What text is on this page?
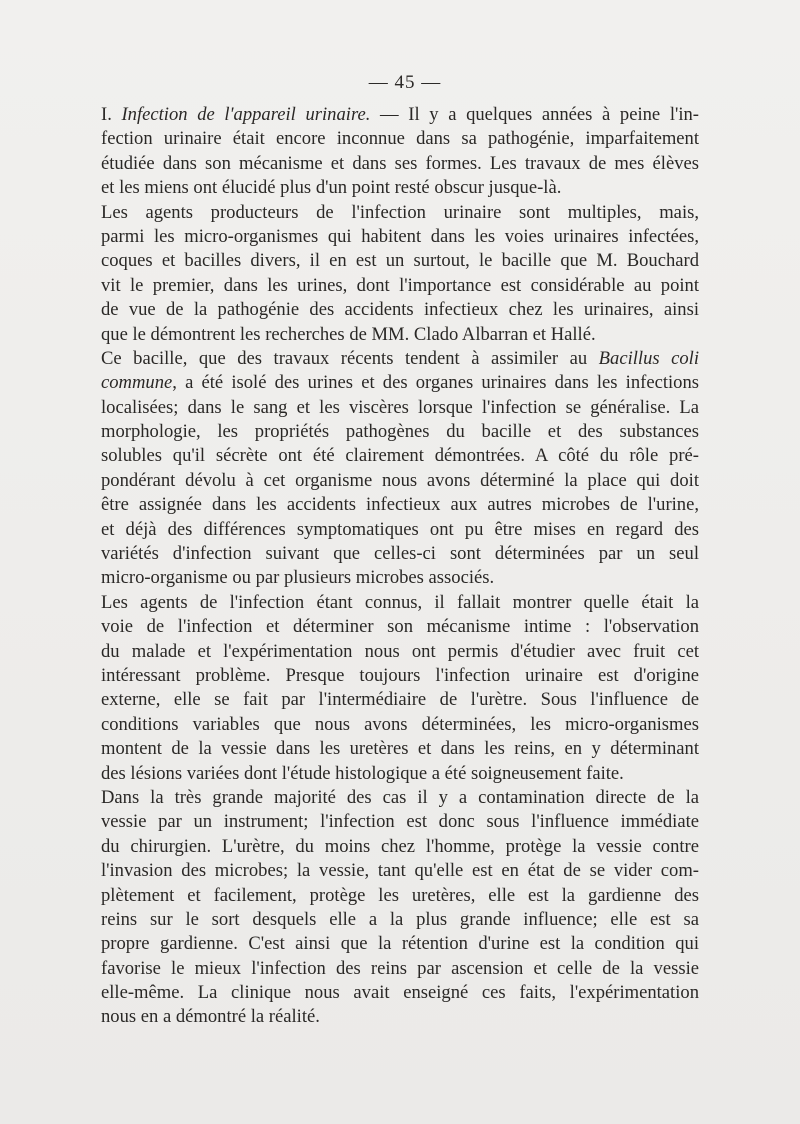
— 45 —
I. Infection de l'appareil urinaire. — Il y a quelques années à peine l'in-
fection urinaire était encore inconnue dans sa pathogénie, imparfaitement
étudiée dans son mécanisme et dans ses formes. Les travaux de mes élèves
et les miens ont élucidé plus d'un point resté obscur jusque-là.
Les agents producteurs de l'infection urinaire sont multiples, mais,
parmi les micro-organismes qui habitent dans les voies urinaires infectées,
coques et bacilles divers, il en est un surtout, le bacille que M. Bouchard
vit le premier, dans les urines, dont l'importance est considérable au point
de vue de la pathogénie des accidents infectieux chez les urinaires, ainsi
que le démontrent les recherches de MM. Clado Albarran et Hallé.
Ce bacille, que des travaux récents tendent à assimiler au Bacillus coli
commune, a été isolé des urines et des organes urinaires dans les infections
localisées; dans le sang et les viscères lorsque l'infection se généralise. La
morphologie, les propriétés pathogènes du bacille et des substances
solubles qu'il sécrète ont été clairement démontrées. A côté du rôle pré-
pondérant dévolu à cet organisme nous avons déterminé la place qui doit
être assignée dans les accidents infectieux aux autres microbes de l'urine,
et déjà des différences symptomatiques ont pu être mises en regard des
variétés d'infection suivant que celles-ci sont déterminées par un seul
micro-organisme ou par plusieurs microbes associés.
Les agents de l'infection étant connus, il fallait montrer quelle était la
voie de l'infection et déterminer son mécanisme intime : l'observation
du malade et l'expérimentation nous ont permis d'étudier avec fruit cet
intéressant problème. Presque toujours l'infection urinaire est d'origine
externe, elle se fait par l'intermédiaire de l'urètre. Sous l'influence de
conditions variables que nous avons déterminées, les micro-organismes
montent de la vessie dans les uretères et dans les reins, en y déterminant
des lésions variées dont l'étude histologique a été soigneusement faite.
Dans la très grande majorité des cas il y a contamination directe de la
vessie par un instrument; l'infection est donc sous l'influence immédiate
du chirurgien. L'urètre, du moins chez l'homme, protège la vessie contre
l'invasion des microbes; la vessie, tant qu'elle est en état de se vider com-
plètement et facilement, protège les uretères, elle est la gardienne des
reins sur le sort desquels elle a la plus grande influence; elle est sa
propre gardienne. C'est ainsi que la rétention d'urine est la condition qui
favorise le mieux l'infection des reins par ascension et celle de la vessie
elle-même. La clinique nous avait enseigné ces faits, l'expérimentation
nous en a démontré la réalité.
